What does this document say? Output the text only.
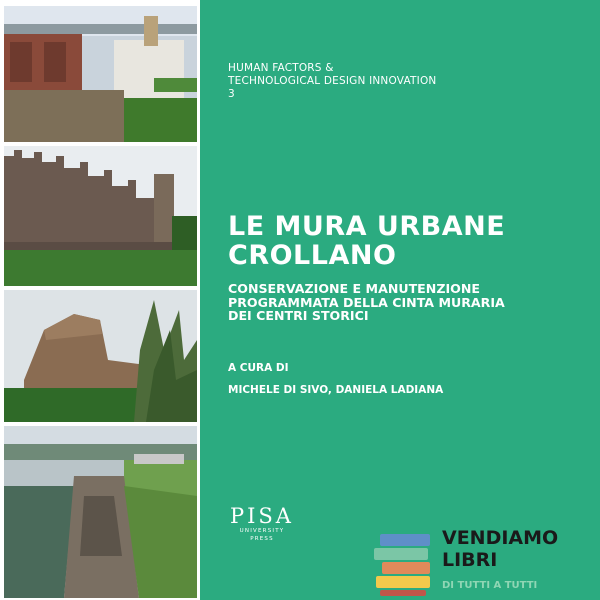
HUMAN FACTORS &
TECHNOLOGICAL DESIGN INNOVATION
3
LE MURA URBANE
CROLLANO
CONSERVAZIONE E MANUTENZIONE
PROGRAMMATA DELLA CINTA MURARIA
DEI CENTRI STORICI
A CURA DI
MICHELE DI SIVO, DANIELA LADIANA
PISA
UNIVERSITY
PRESS	VENDIAMO
LIBRI
DI TUTTI A TUTTI
